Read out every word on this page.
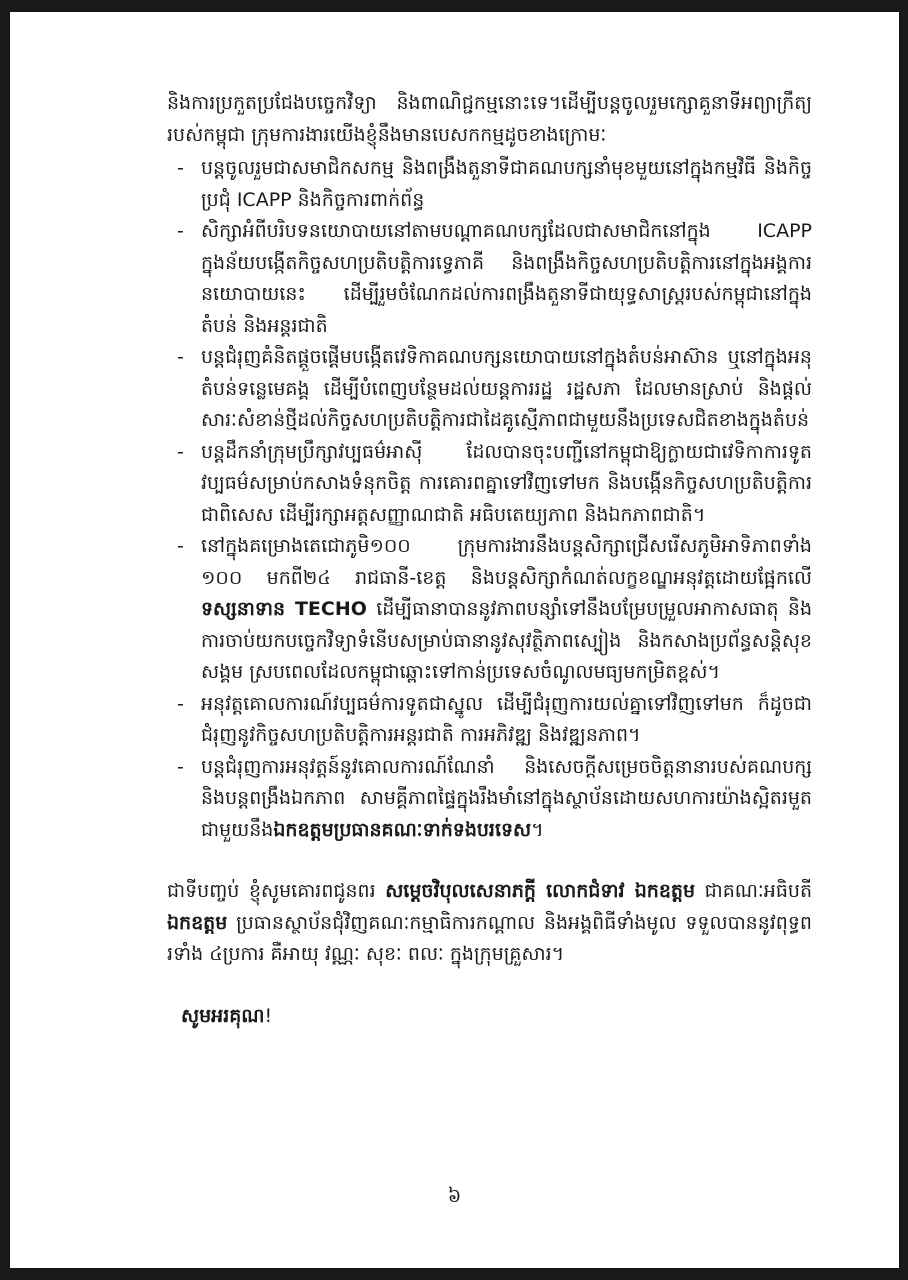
និងការប្រកួតប្រជែងបច្ចេកវិទ្យា និងពាណិជ្ជកម្មនោះទេ។ដើម្បីបន្តចូលរួមក្សោគួនាទីអព្យាក្រឹត្យរបស់កម្ពុជា ក្រុមការងារយើងខ្ញុំនឹងមានបេសកកម្មដូចខាងក្រោមៈ

- បន្តចូលរួមជាសមាជិកសកម្ម និងពង្រឹងតួនាទីជាគណបក្សនាំមុខមួយនៅក្នុងកម្មវិធី និងកិច្ចប្រជុំ ICAPP និងកិច្ចការពាក់ព័ន្ធ
- សិក្សាអំពីបរិបទនយោបាយនៅតាមបណ្តាគណបក្សដែលជាសមាជិកនៅក្នុង ICAPP ក្នុងន័យបង្កើតកិច្ចសហប្រតិបត្តិការទ្វេភាគី និងពង្រឹងកិច្ចសហប្រតិបត្តិការនៅក្នុងអង្គការនយោបាយនេះ ដើម្បីរួមចំណែកដល់ការពង្រឹងតួនាទីជាយុទ្ធសាស្ត្ររបស់កម្ពុជានៅក្នុងតំបន់ និងអន្តរជាតិ
- បន្តជំរុញគំនិតផ្តួចផ្តើមបង្កើតវេទិកាគណបក្សនយោបាយនៅក្នុងតំបន់អាស៊ាន ឬនៅក្នុងអនុតំបន់ទន្លេមេគង្គ ដើម្បីបំពេញបន្ថែមដល់យន្តការរដ្ឋ រដ្ឋសភា ដែលមានស្រាប់ និងផ្តល់សារៈសំខាន់ថ្មីដល់កិច្ចសហប្រតិបត្តិការជាដៃគូស្មើភាពជាមួយនឹងប្រទេសជិតខាងក្នុងតំបន់
- បន្តដឹកនាំក្រុមប្រឹក្សាវប្បធម៌អាស៊ី ដែលបានចុះបញ្ជីនៅកម្ពុជាឱ្យក្លាយជាវេទិកាការទូតវប្បធម៌សម្រាប់កសាងទំនុកចិត្ត ការគោរពគ្នាទៅវិញទៅមក និងបង្កើនកិច្ចសហប្រតិបត្តិការជាពិសេស ដើម្បីរក្សាអត្តសញ្ញាណជាតិ អធិបតេយ្យភាព និងឯកភាពជាតិ។
- នៅក្នុងគម្រោងតេជោភូមិ១០០ ក្រុមការងារនឹងបន្តសិក្សាជ្រើសរើសភូមិអាទិភាពទាំង ១០០ មកពី២៤ រាជធានី-ខេត្ត និងបន្តសិក្សាកំណត់លក្ខខណ្ឌអនុវត្តដោយផ្អែកលើ ទស្សនាទាន TECHO ដើម្បីធានាបាននូវភាពបន្សាំទៅនឹងបម្រែបម្រួលអាកាសធាតុ និងការចាប់យកបច្ចេកវិទ្យាទំនើបសម្រាប់ធានានូវសុវត្ថិភាពស្បៀង និងកសាងប្រព័ន្ធសន្តិសុខសង្គម ស្របពេលដែលកម្ពុជាឆ្ពោះទៅកាន់ប្រទេសចំណូលមធ្យមកម្រិតខ្ពស់។
- អនុវត្តគោលការណ៍វប្បធម៌ការទូតជាស្នូល ដើម្បីជំរុញការយល់គ្នាទៅវិញទៅមក ក៏ដូចជាជំរុញនូវកិច្ចសហប្រតិបត្តិការអន្តរជាតិ ការអភិវឌ្ឍ និងវឌ្ឍនភាព។
- បន្តជំរុញការអនុវត្តន៍នូវគោលការណ៍ណែនាំ និងសេចក្តីសម្រេចចិត្តនានារបស់គណបក្ស និងបន្តពង្រឹងឯកភាព សាមគ្គីភាពផ្ទៃក្នុងរឹងមាំនៅក្នុងស្ថាប័នដោយសហការយ៉ាងស្អិតរមួតជាមួយនឹងឯកឧត្តមប្រធានគណៈទាក់ទងបរទេស។

ជាទីបញ្ចប់ ខ្ញុំសូមគោរពជូនពរ សម្តេចវិបុលសេនាភក្តី លោកជំទាវ ឯកឧត្តម ជាគណៈអធិបតី ឯកឧត្តម ប្រធានស្ថាប័នជុំវិញគណៈកម្មាធិការកណ្តាល និងអង្គពិធីទាំងមូល ទទួលបាននូវពុទ្ធពរទាំង ៤ប្រការ គឺអាយុ វណ្ណៈ សុខៈ ពលៈ ក្នុងក្រុមគ្រួសារ។

សូមអរគុណ!

៦
